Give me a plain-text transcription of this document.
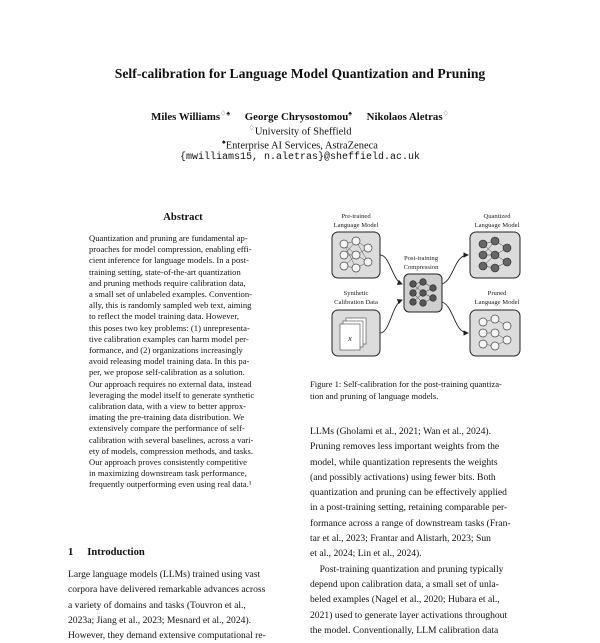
Self-calibration for Language Model Quantization and Pruning
Miles Williams♢♠ George Chrysostomou♠ Nikolaos Aletras♢
♢University of Sheffield
♠Enterprise AI Services, AstraZeneca
{mwilliams15, n.aletras}@sheffield.ac.uk
Abstract
Quantization and pruning are fundamental ap-
proaches for model compression, enabling effi-
cient inference for language models. In a post-
training setting, state-of-the-art quantization
and pruning methods require calibration data,
a small set of unlabeled examples. Convention-
ally, this is randomly sampled web text, aiming
to reflect the model training data. However,
this poses two key problems: (1) unrepresenta-
tive calibration examples can harm model per-
formance, and (2) organizations increasingly
avoid releasing model training data. In this pa-
per, we propose self-calibration as a solution.
Our approach requires no external data, instead
leveraging the model itself to generate synthetic
calibration data, with a view to better approx-
imating the pre-training data distribution. We
extensively compare the performance of self-
calibration with several baselines, across a vari-
ety of models, compression methods, and tasks.
Our approach proves consistently competitive
in maximizing downstream task performance,
frequently outperforming even using real data.¹
1 Introduction
Large language models (LLMs) trained using vast
corpora have delivered remarkable advances across
a variety of domains and tasks (Touvron et al.,
2023a; Jiang et al., 2023; Mesnard et al., 2024).
However, they demand extensive computational re-
Pre-trained
Language Model
Synthetic
Calibration Data
Post-training
Compression
Quantized
Language Model
Pruned
Language Model
x
Figure 1: Self-calibration for the post-training quantiza-
tion and pruning of language models.
LLMs (Gholami et al., 2021; Wan et al., 2024).
Pruning removes less important weights from the
model, while quantization represents the weights
(and possibly activations) using fewer bits. Both
quantization and pruning can be effectively applied
in a post-training setting, retaining comparable per-
formance across a range of downstream tasks (Fran-
tar et al., 2023; Frantar and Alistarh, 2023; Sun
et al., 2024; Lin et al., 2024).
 Post-training quantization and pruning typically
depend upon calibration data, a small set of unla-
beled examples (Nagel et al., 2020; Hubara et al.,
2021) used to generate layer activations throughout
the model. Conventionally, LLM calibration data
